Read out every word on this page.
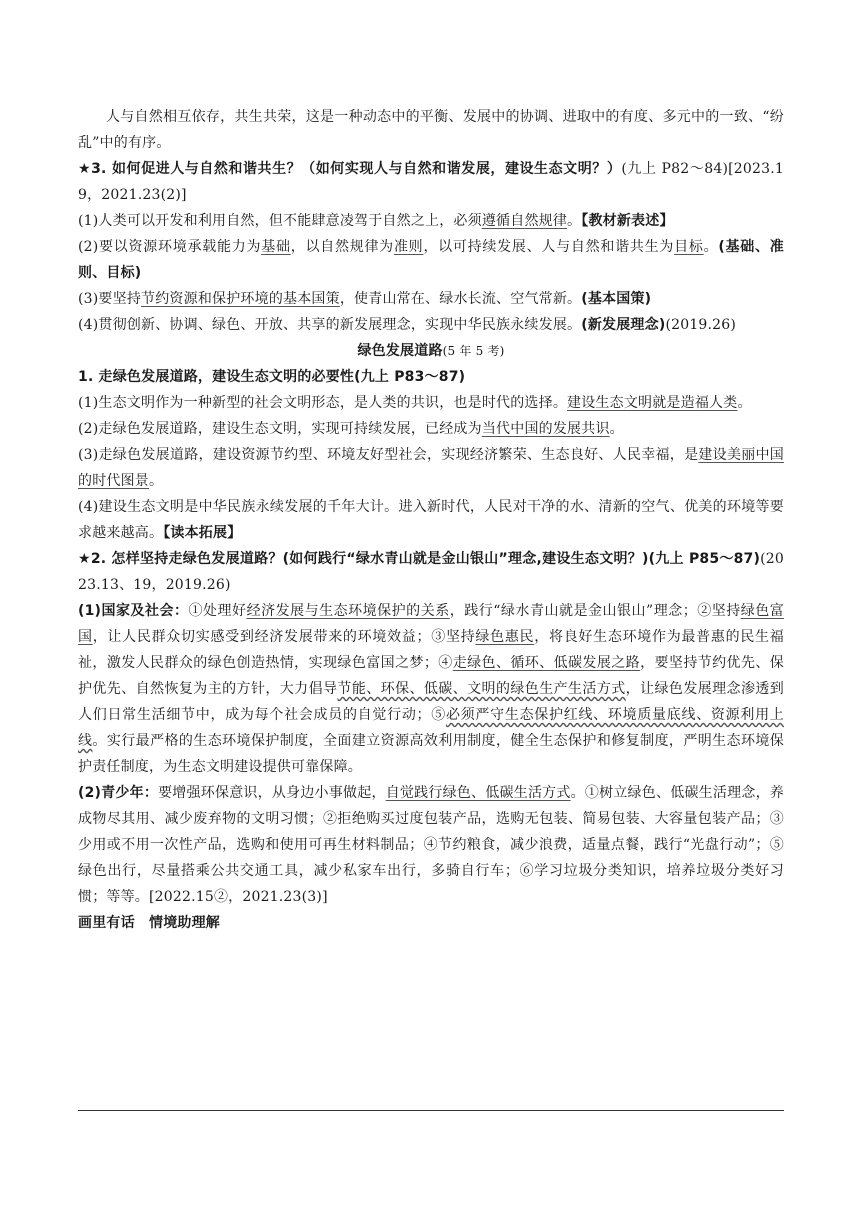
人与自然相互依存，共生共荣，这是一种动态中的平衡、发展中的协调、进取中的有度、多元中的一致、“纷乱”中的有序。

★3. 如何促进人与自然和谐共生？（如何实现人与自然和谐发展，建设生态文明？）(九上 P82～84)[2023.19，2021.23(2)]

(1)人类可以开发和利用自然，但不能肆意凌驾于自然之上，必须遵循自然规律。【教材新表述】

(2)要以资源环境承载能力为基础，以自然规律为准则，以可持续发展、人与自然和谐共生为目标。(基础、准则、目标)

(3)要坚持节约资源和保护环境的基本国策，使青山常在、绿水长流、空气常新。(基本国策)

(4)贯彻创新、协调、绿色、开放、共享的新发展理念，实现中华民族永续发展。(新发展理念)(2019.26)

绿色发展道路(5 年 5 考)

1. 走绿色发展道路，建设生态文明的必要性(九上 P83～87)

(1)生态文明作为一种新型的社会文明形态，是人类的共识，也是时代的选择。建设生态文明就是造福人类。

(2)走绿色发展道路，建设生态文明，实现可持续发展，已经成为当代中国的发展共识。

(3)走绿色发展道路，建设资源节约型、环境友好型社会，实现经济繁荣、生态良好、人民幸福，是建设美丽中国的时代图景。

(4)建设生态文明是中华民族永续发展的千年大计。进入新时代，人民对干净的水、清新的空气、优美的环境等要求越来越高。【读本拓展】

★2. 怎样坚持走绿色发展道路？(如何践行“绿水青山就是金山银山”理念,建设生态文明？)(九上 P85～87)(2023.13、19，2019.26)

(1)国家及社会：①处理好经济发展与生态环境保护的关系，践行“绿水青山就是金山银山”理念；②坚持绿色富国，让人民群众切实感受到经济发展带来的环境效益；③坚持绿色惠民，将良好生态环境作为最普惠的民生福祉，激发人民群众的绿色创造热情，实现绿色富国之梦；④走绿色、循环、低碳发展之路，要坚持节约优先、保护优先、自然恢复为主的方针，大力倡导节能、环保、低碳、文明的绿色生产生活方式，让绿色发展理念渗透到人们日常生活细节中，成为每个社会成员的自觉行动；⑤必须严守生态保护红线、环境质量底线、资源利用上线。实行最严格的生态环境保护制度，全面建立资源高效利用制度，健全生态保护和修复制度，严明生态环境保护责任制度，为生态文明建设提供可靠保障。

(2)青少年：要增强环保意识，从身边小事做起，自觉践行绿色、低碳生活方式。①树立绿色、低碳生活理念，养成物尽其用、减少废弃物的文明习惯；②拒绝购买过度包装产品，选购无包装、简易包装、大容量包装产品；③少用或不用一次性产品，选购和使用可再生材料制品；④节约粮食，减少浪费，适量点餐，践行“光盘行动”；⑤绿色出行，尽量搭乘公共交通工具，减少私家车出行，多骑自行车；⑥学习垃圾分类知识，培养垃圾分类好习惯；等等。[2022.15②，2021.23(3)]

画里有话　情境助理解
